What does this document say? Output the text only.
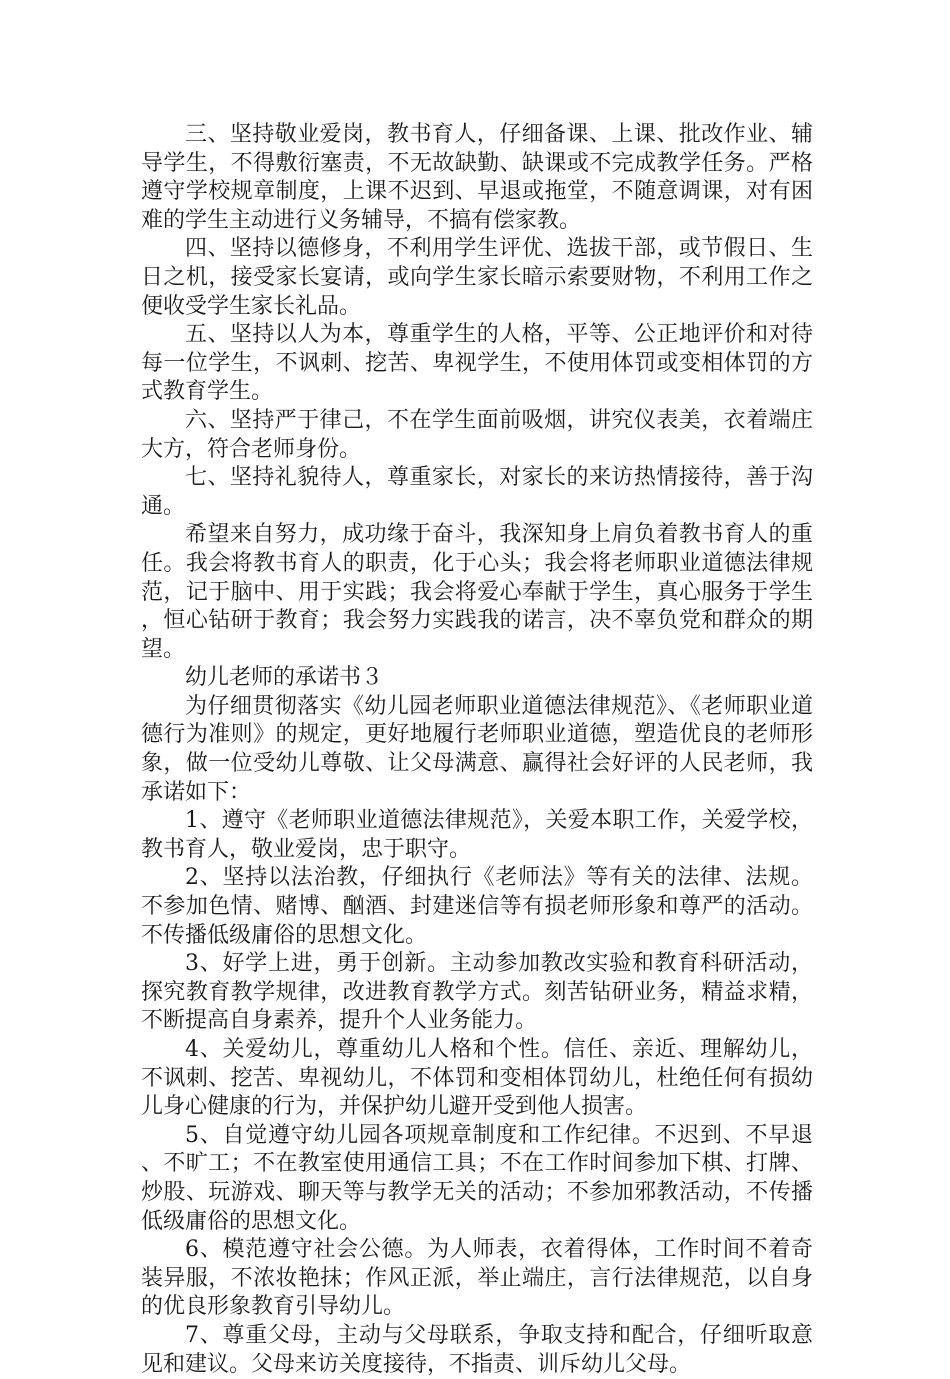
三、坚持敬业爱岗，教书育人，仔细备课、上课、批改作业、辅导学生，不得敷衍塞责，不无故缺勤、缺课或不完成教学任务。严格遵守学校规章制度，上课不迟到、早退或拖堂，不随意调课，对有困难的学生主动进行义务辅导，不搞有偿家教。

四、坚持以德修身，不利用学生评优、选拔干部，或节假日、生日之机，接受家长宴请，或向学生家长暗示索要财物，不利用工作之便收受学生家长礼品。

五、坚持以人为本，尊重学生的人格，平等、公正地评价和对待每一位学生，不讽刺、挖苦、卑视学生，不使用体罚或变相体罚的方式教育学生。

六、坚持严于律己，不在学生面前吸烟，讲究仪表美，衣着端庄大方，符合老师身份。

七、坚持礼貌待人，尊重家长，对家长的来访热情接待，善于沟通。

希望来自努力，成功缘于奋斗，我深知身上肩负着教书育人的重任。我会将教书育人的职责，化于心头；我会将老师职业道德法律规范，记于脑中、用于实践；我会将爱心奉献于学生，真心服务于学生，恒心钻研于教育；我会努力实践我的诺言，决不辜负党和群众的期望。

幼儿老师的承诺书３

为仔细贯彻落实《幼儿园老师职业道德法律规范》、《老师职业道德行为准则》的规定，更好地履行老师职业道德，塑造优良的老师形象，做一位受幼儿尊敬、让父母满意、赢得社会好评的人民老师，我承诺如下：

1、遵守《老师职业道德法律规范》，关爱本职工作，关爱学校，教书育人，敬业爱岗，忠于职守。

2、坚持以法治教，仔细执行《老师法》等有关的法律、法规。不参加色情、赌博、酗酒、封建迷信等有损老师形象和尊严的活动。不传播低级庸俗的思想文化。

3、好学上进，勇于创新。主动参加教改实验和教育科研活动，探究教育教学规律，改进教育教学方式。刻苦钻研业务，精益求精，不断提高自身素养，提升个人业务能力。

4、关爱幼儿，尊重幼儿人格和个性。信任、亲近、理解幼儿，不讽刺、挖苦、卑视幼儿，不体罚和变相体罚幼儿，杜绝任何有损幼儿身心健康的行为，并保护幼儿避开受到他人损害。

5、自觉遵守幼儿园各项规章制度和工作纪律。不迟到、不早退、不旷工；不在教室使用通信工具；不在工作时间参加下棋、打牌、炒股、玩游戏、聊天等与教学无关的活动；不参加邪教活动，不传播低级庸俗的思想文化。

6、模范遵守社会公德。为人师表，衣着得体，工作时间不着奇装异服，不浓妆艳抹；作风正派，举止端庄，言行法律规范，以自身的优良形象教育引导幼儿。

7、尊重父母，主动与父母联系，争取支持和配合，仔细听取意见和建议。父母来访关度接待，不指责、训斥幼儿父母。
